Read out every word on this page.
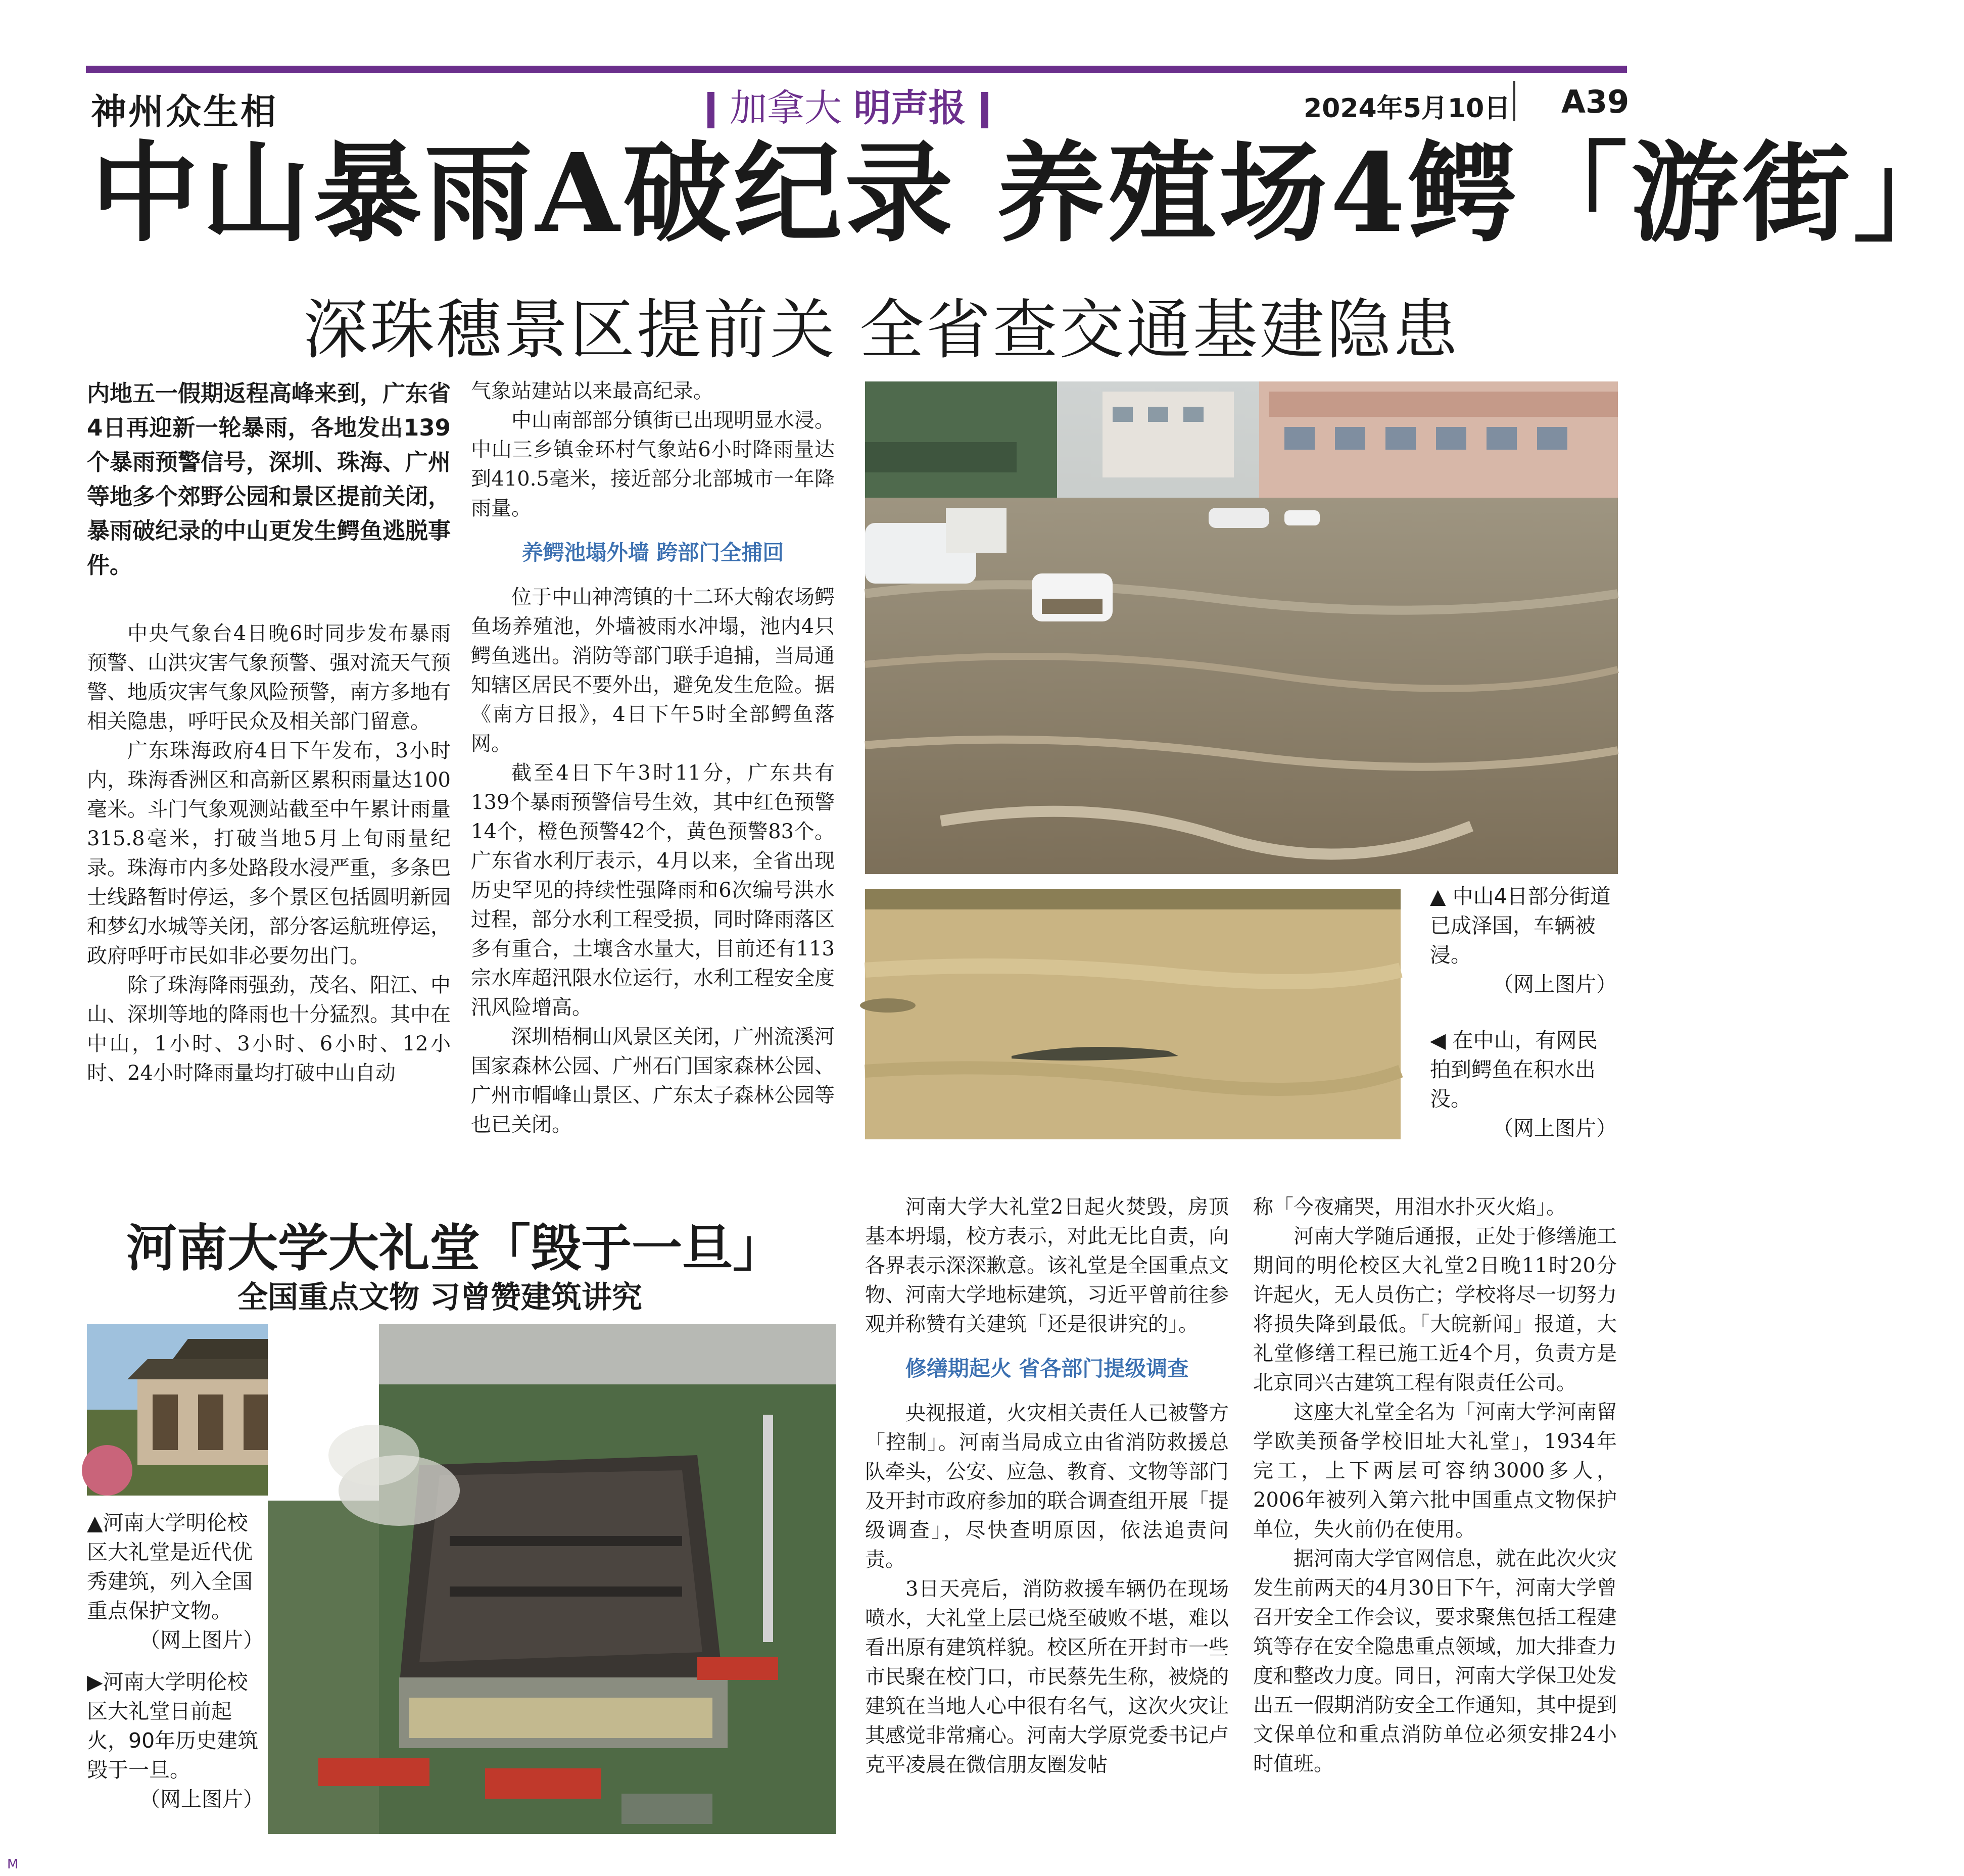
神州众生相	加拿大 明声报	2024年5月10日 A39
中山暴雨A破纪录 养殖场4鳄「游街」
深珠穗景区提前关 全省查交通基建隐患
内地五一假期返程高峰来到，广东省4日再迎新一轮暴雨，各地发出139个暴雨预警信号，深圳、珠海、广州等地多个郊野公园和景区提前关闭，暴雨破纪录的中山更发生鳄鱼逃脱事件。

中央气象台4日晚6时同步发布暴雨预警、山洪灾害气象预警、强对流天气预警、地质灾害气象风险预警，南方多地有相关隐患，呼吁民众及相关部门留意。

广东珠海政府4日下午发布，3小时内，珠海香洲区和高新区累积雨量达100毫米。斗门气象观测站截至中午累计雨量315.8毫米，打破当地5月上旬雨量纪录。珠海市内多处路段水浸严重，多条巴士线路暂时停运，多个景区包括圆明新园和梦幻水城等关闭，部分客运航班停运，政府呼吁市民如非必要勿出门。

除了珠海降雨强劲，茂名、阳江、中山、深圳等地的降雨也十分猛烈。其中在中山，1小时、3小时、6小时、12小时、24小时降雨量均打破中山自动

气象站建站以来最高纪录。

中山南部部分镇街已出现明显水浸。中山三乡镇金环村气象站6小时降雨量达到410.5毫米，接近部分北部城市一年降雨量。

养鳄池塌外墙 跨部门全捕回

位于中山神湾镇的十二环大翰农场鳄鱼场养殖池，外墙被雨水冲塌，池内4只鳄鱼逃出。消防等部门联手追捕，当局通知辖区居民不要外出，避免发生危险。据《南方日报》，4日下午5时全部鳄鱼落网。

截至4日下午3时11分，广东共有139个暴雨预警信号生效，其中红色预警14个，橙色预警42个，黄色预警83个。广东省水利厅表示，4月以来，全省出现历史罕见的持续性强降雨和6次编号洪水过程，部分水利工程受损，同时降雨落区多有重合，土壤含水量大，目前还有113宗水库超汛限水位运行，水利工程安全度汛风险增高。

深圳梧桐山风景区关闭，广州流溪河国家森林公园、广州石门国家森林公园、广州市帽峰山景区、广东太子森林公园等也已关闭。

▲ 中山4日部分街道已成泽国，车辆被浸。
（网上图片）
◀ 在中山，有网民拍到鳄鱼在积水出没。
（网上图片）
河南大学大礼堂「毁于一旦」
全国重点文物 习曾赞建筑讲究
▲河南大学明伦校区大礼堂是近代优秀建筑，列入全国重点保护文物。
（网上图片）
▶河南大学明伦校区大礼堂日前起火，90年历史建筑毁于一旦。
（网上图片）

河南大学大礼堂2日起火焚毁，房顶基本坍塌，校方表示，对此无比自责，向各界表示深深歉意。该礼堂是全国重点文物、河南大学地标建筑，习近平曾前往参观并称赞有关建筑「还是很讲究的」。

修缮期起火 省各部门提级调查

央视报道，火灾相关责任人已被警方「控制」。河南当局成立由省消防救援总队牵头，公安、应急、教育、文物等部门及开封市政府参加的联合调查组开展「提级调查」，尽快查明原因，依法追责问责。

3日天亮后，消防救援车辆仍在现场喷水，大礼堂上层已烧至破败不堪，难以看出原有建筑样貌。校区所在开封市一些市民聚在校门口，市民蔡先生称，被烧的建筑在当地人心中很有名气，这次火灾让其感觉非常痛心。河南大学原党委书记卢克平凌晨在微信朋友圈发帖

称「今夜痛哭，用泪水扑灭火焰」。

河南大学随后通报，正处于修缮施工期间的明伦校区大礼堂2日晚11时20分许起火，无人员伤亡；学校将尽一切努力将损失降到最低。「大皖新闻」报道，大礼堂修缮工程已施工近4个月，负责方是北京同兴古建筑工程有限责任公司。

这座大礼堂全名为「河南大学河南留学欧美预备学校旧址大礼堂」，1934年完工，上下两层可容纳3000多人，2006年被列入第六批中国重点文物保护单位，失火前仍在使用。

据河南大学官网信息，就在此次火灾发生前两天的4月30日下午，河南大学曾召开安全工作会议，要求聚焦包括工程建筑等存在安全隐患重点领域，加大排查力度和整改力度。同日，河南大学保卫处发出五一假期消防安全工作通知，其中提到文保单位和重点消防单位必须安排24小时值班。

M
